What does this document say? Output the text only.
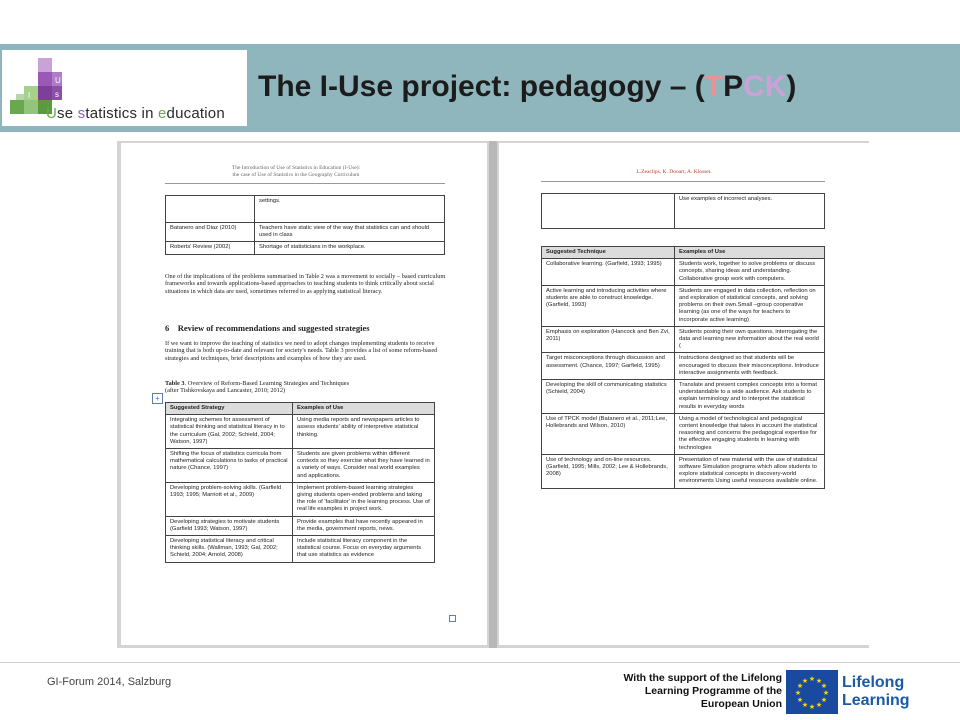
U
s
e
I
Use statistics in education
The I-Use project: pedagogy – (TPCK)
The Introduction of Use of Statistics in Education (I-Use):
the case of Use of Statistics in the Geography Curriculum
	settings.
Batanero and Diaz (2010)	Teachers have static view of the way that statistics can and should used in class
Roberts' Review (2002)	Shortage of statisticians in the workplace.
One of the implications of the problems summarised in Table 2 was a movement to socially – based curriculum frameworks and towards applications-based approaches to teaching students to think critically about social situations in which data are used, sometimes referred to as applying statistical literacy.
6 Review of recommendations and suggested strategies
If we want to improve the teaching of statistics we need to adopt changes implementing students to receive training that is both up-to-date and relevant for society's needs. Table 3 provides a list of some reform-based strategies and techniques, brief descriptions and examples of how they are used.
Table 3. Overview of Reform-Based Learning Strategies and Techniques
(after Tishkovskaya and Lancaster, 2010; 2012)
+
Suggested Strategy	Examples of Use
Integrating schemes for assessment of statistical thinking and statistical literacy in to the curriculum (Gal, 2002; Schield, 2004; Watson, 1997)	Using media reports and newspapers articles to assess students' ability of interpretive statistical thinking.
Shifting the focus of statistics curricula from mathematical calculations to tasks of practical nature (Chance, 1997)	Students are given problems within different contexts so they exercise what they have learned in a variety of ways. Consider real world examples and applications.
Developing problem-solving skills. (Garfield 1993; 1995; Marriott et al., 2009)	Implement problem-based learning strategies giving students open-ended problems and taking the role of 'facilitator' in the learning process. Use of real life examples in project work.
Developing strategies to motivate students (Garfield 1993; Watson, 1997)	Provide examples that have recently appeared in the media, government reports, news.
Developing statistical literacy and critical thinking skills. (Wallman, 1993; Gal, 2002; Schield, 2004; Arnold, 2008)	Include statistical literacy component in the statistical course. Focus on everyday arguments that use statistics as evidence
L.Zeaclips, K. Dooart, A. Klosset.
	Use examples of incorrect analyses.
Suggested Technique	Examples of Use
Collaborative learning. (Garfield, 1993; 1995)	Students work, together to solve problems or discuss concepts, sharing ideas and understanding. Collaborative group work with computers.
Active learning and introducing activities where students are able to construct knowledge. (Garfield, 1993)	Students are engaged in data collection, reflection on and exploration of statistical concepts, and solving problems on their own.Small –group cooperative learning (as one of the ways for teachers to incorporate active learning)
Emphasis on exploration (Hancock and Ben Zvi, 2011)	Students posing their own questions, interrogating the data and learning new information about the real world (
Target misconceptions through discussion and assessment. (Chance, 1997; Garfield, 1995)	Instructions designed so that students will be encouraged to discuss their misconceptions. Introduce interactive assignments with feedback.
Developing the skill of communicating statistics (Schield, 2004)	Translate and present complex concepts into a format understandable to a wide audience. Ask students to explain terminology and to interpret the statistical results in everyday words
Use of TPCK model (Batanero et al., 2011;Lee, Hollebrands and Wilson, 2010)	Using a model of technological and pedagogical content knowledge that takes in account the statistical reasoning and concerns the pedagogical expertise for the effective engaging students in learning with technologies
Use of technology and on-line resources. (Garfield, 1995; Mills, 2002; Lee & Hollebrands, 2008)	Presentation of new material with the use of statistical software Simulation programs which allow students to explore statistical concepts in discovery-world environments Using useful resources available online.
GI-Forum 2014, Salzburg	With the support of the Lifelong
Learning Programme of the
European Union
★ ★
★
★
★
★
★
★
★
★
★
★ Lifelong
Learning
